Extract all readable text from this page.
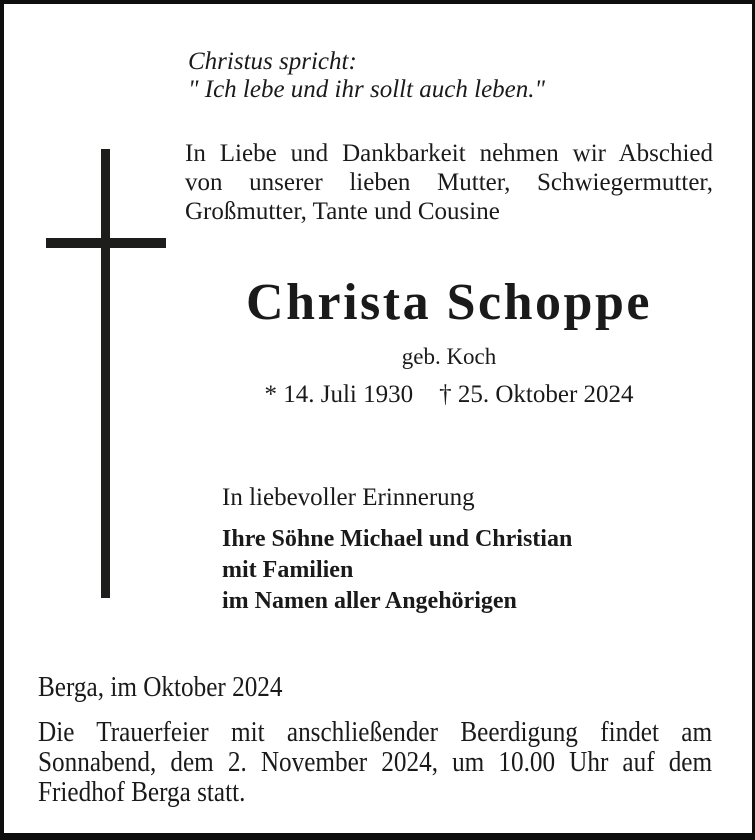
Christus spricht:
" Ich lebe und ihr sollt auch leben."
In Liebe und Dankbarkeit nehmen wir Abschied
von unserer lieben Mutter, Schwiegermutter,
Großmutter, Tante und Cousine
Christa Schoppe
geb. Koch
* 14. Juli 1930 † 25. Oktober 2024
In liebevoller Erinnerung
Ihre Söhne Michael und Christian
mit Familien
im Namen aller Angehörigen
Berga, im Oktober 2024
Die Trauerfeier mit anschließender Beerdigung findet am
Sonnabend, dem 2. November 2024, um 10.00 Uhr auf dem
Friedhof Berga statt.
